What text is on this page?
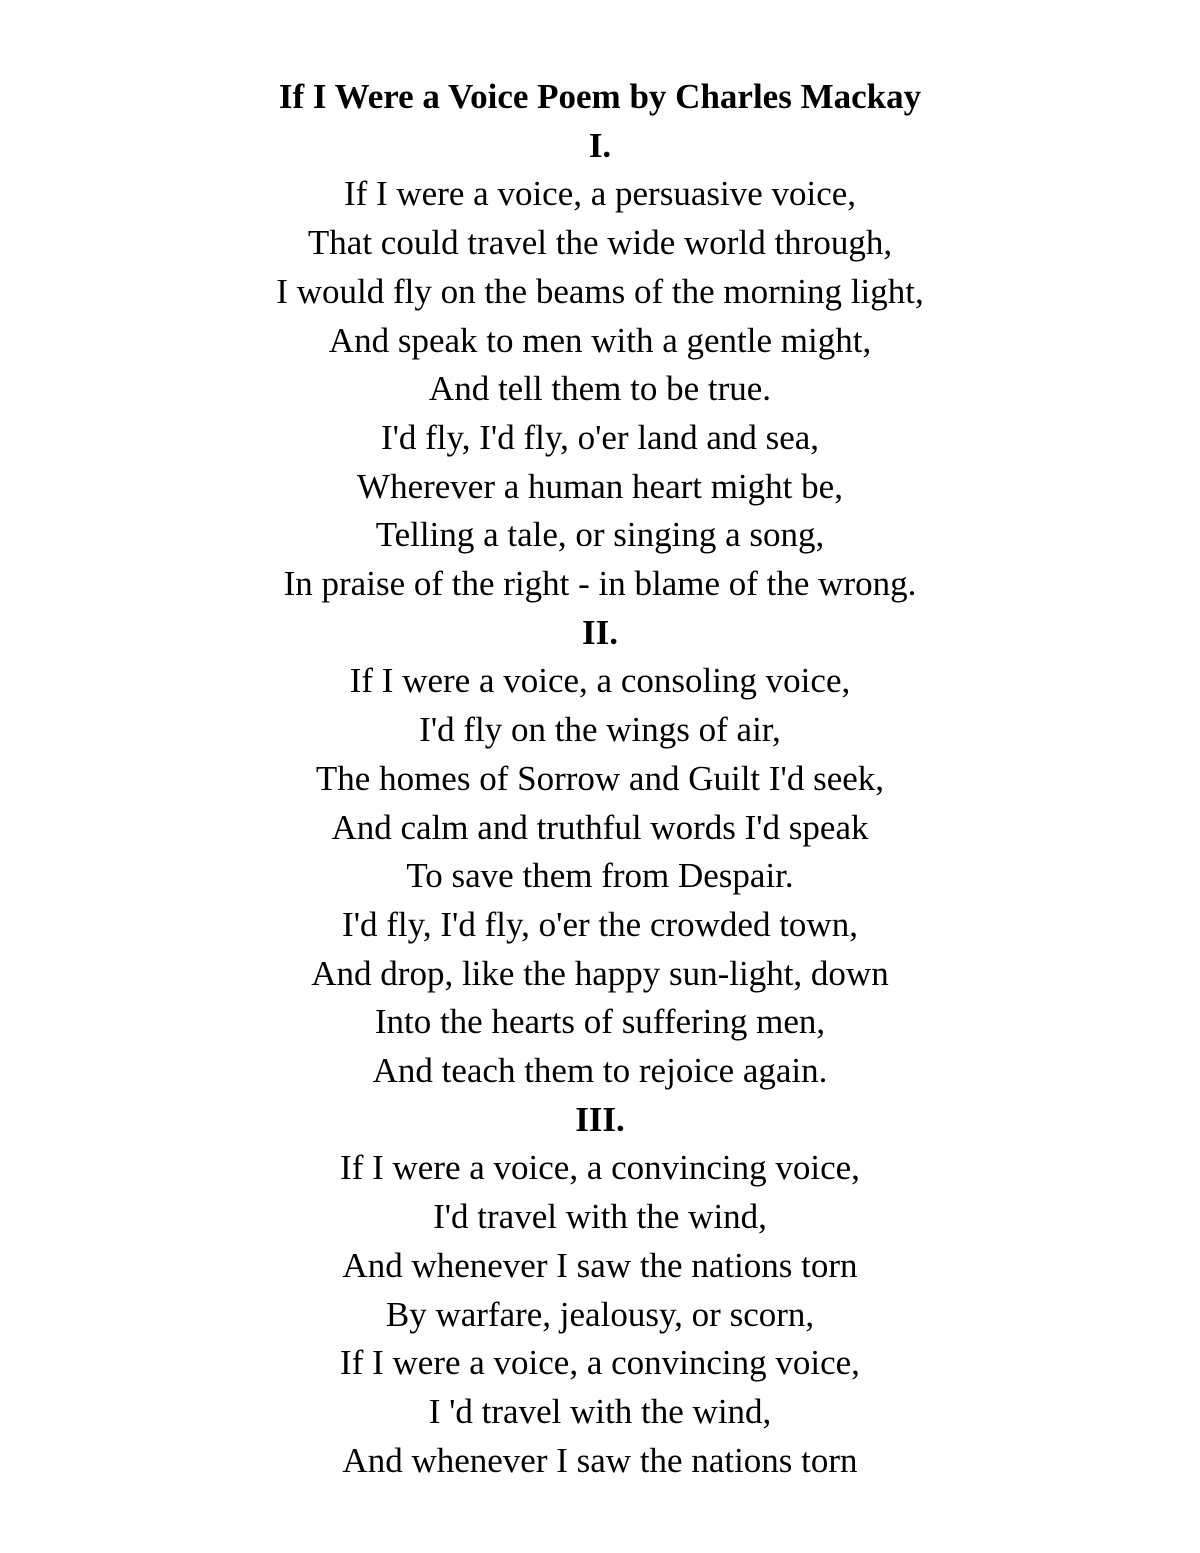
If I Were a Voice Poem by Charles Mackay

I.

If I were a voice, a persuasive voice,

That could travel the wide world through,

I would fly on the beams of the morning light,

And speak to men with a gentle might,

And tell them to be true.

I'd fly, I'd fly, o'er land and sea,

Wherever a human heart might be,

Telling a tale, or singing a song,

In praise of the right - in blame of the wrong.

II.

If I were a voice, a consoling voice,

I'd fly on the wings of air,

The homes of Sorrow and Guilt I'd seek,

And calm and truthful words I'd speak

To save them from Despair.

I'd fly, I'd fly, o'er the crowded town,

And drop, like the happy sun-light, down

Into the hearts of suffering men,

And teach them to rejoice again.

III.

If I were a voice, a convincing voice,

I'd travel with the wind,

And whenever I saw the nations torn

By warfare, jealousy, or scorn,

If I were a voice, a convincing voice,

I 'd travel with the wind,

And whenever I saw the nations torn
